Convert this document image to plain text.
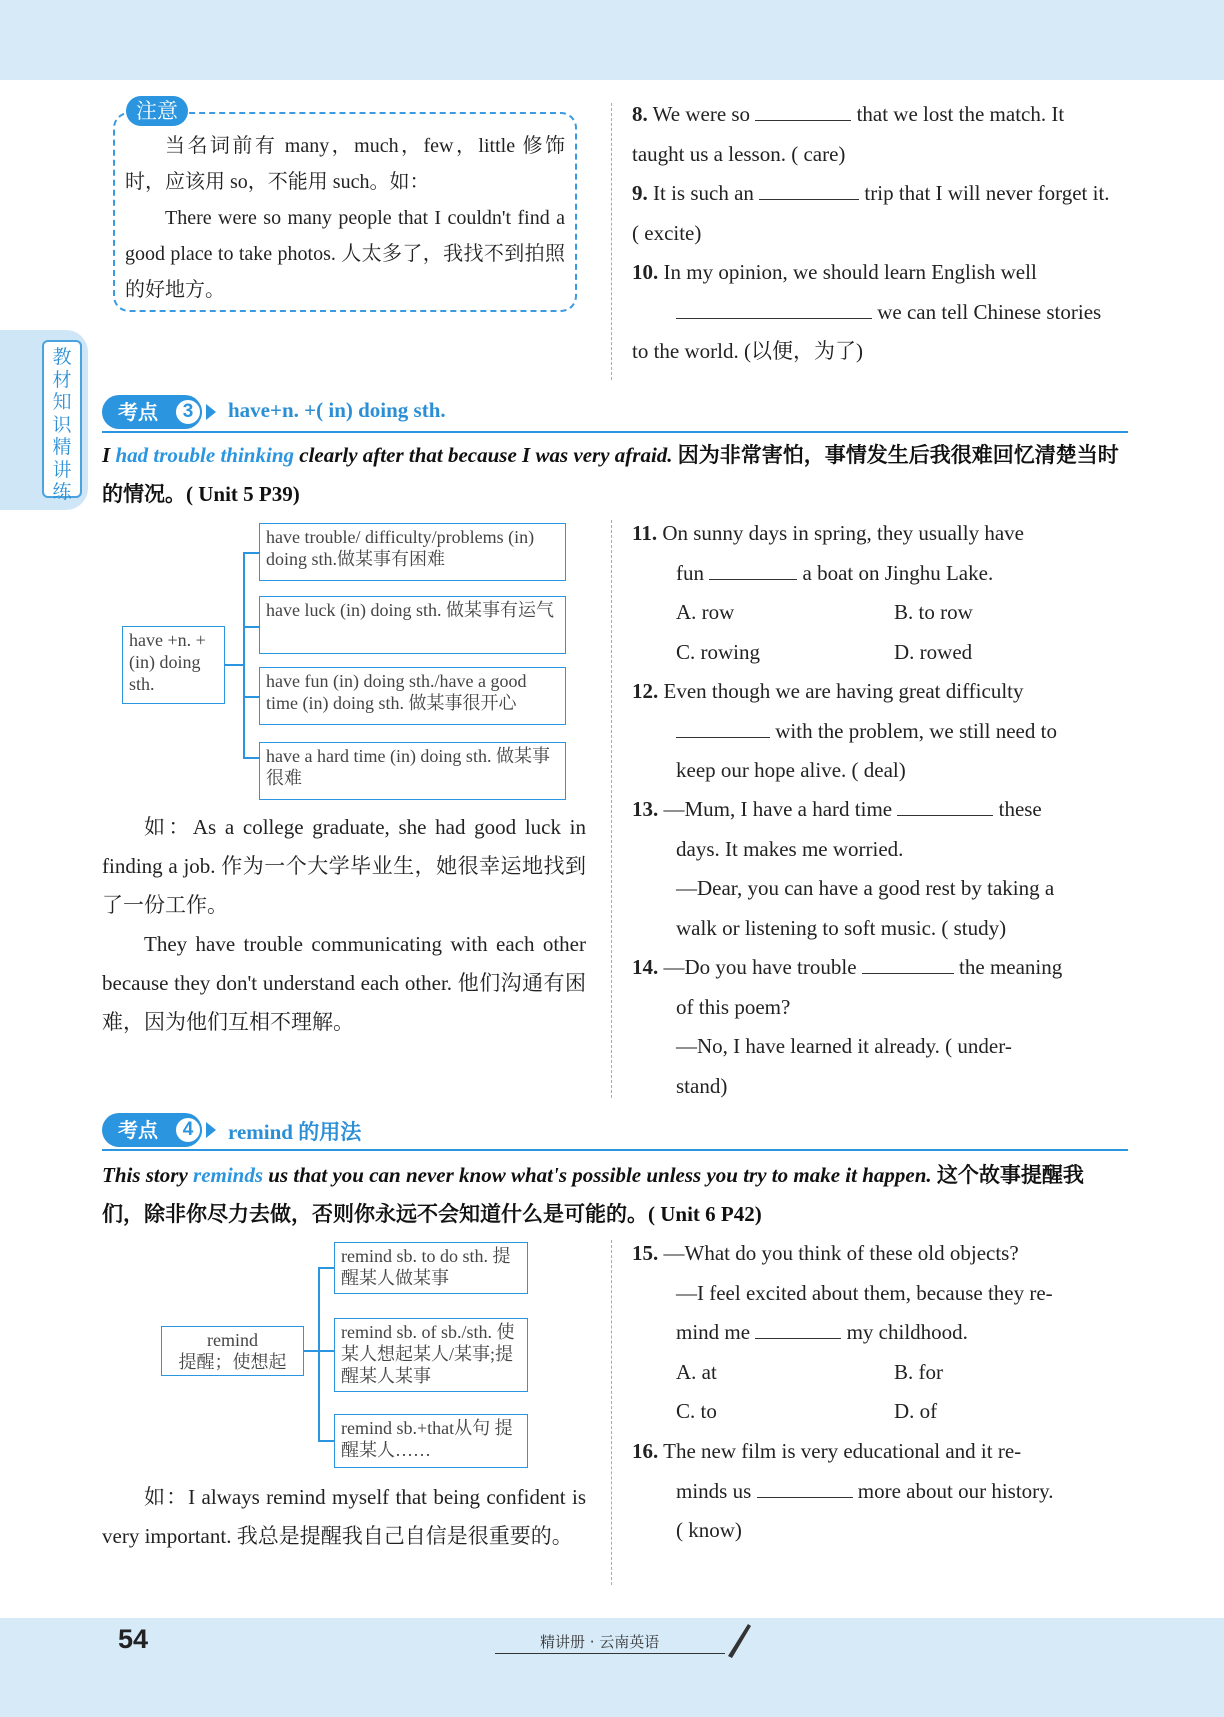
教材知识精讲练
注意

当名词前有 many，much，few，little 修饰时，应该用 so，不能用 such。如：

There were so many people that I couldn't find a good place to take photos. 人太多了，我找不到拍照的好地方。

8. We were so	that we lost the match. It taught us a lesson. ( care)
9. It is such an	trip that I will never forget it. ( excite)
10. In my opinion, we should learn English well  we can tell Chinese stories to the world. (以便，为了)
考点	3	have+n. +( in) doing sth.
I had trouble thinking clearly after that because I was very afraid. 因为非常害怕，事情发生后我很难回忆清楚当时的情况。( Unit 5 P39)
have +n. + (in) doing sth.
have trouble/ difficulty/problems (in) doing sth.做某事有困难
have luck (in) doing sth. 做某事有运气
have fun (in) doing sth./have a good time (in) doing sth. 做某事很开心
have a hard time (in) doing sth. 做某事很难

如：As a college graduate, she had good luck in finding a job. 作为一个大学毕业生，她很幸运地找到了一份工作。

They have trouble communicating with each other because they don't understand each other. 他们沟通有困难，因为他们互相不理解。

11. On sunny days in spring, they usually have
fun	a boat on Jinghu Lake.
A. row	B. to row
C. rowing	D. rowed
12. Even though we are having great difficulty
with the problem, we still need to
keep our hope alive. ( deal)
13. —Mum, I have a hard time	these
days. It makes me worried.
—Dear, you can have a good rest by taking a
walk or listening to soft music. ( study)
14. —Do you have trouble	the meaning
of this poem?
—No, I have learned it already. ( under-
stand)
考点	4	remind 的用法
This story reminds us that you can never know what's possible unless you try to make it happen. 这个故事提醒我们，除非你尽力去做，否则你永远不会知道什么是可能的。( Unit 6 P42)
remind
提醒；使想起
remind sb. to do sth. 提醒某人做某事
remind sb. of sb./sth. 使某人想起某人/某事;提醒某人某事
remind sb.+that从句 提醒某人……

如：I always remind myself that being confident is very important. 我总是提醒我自己自信是很重要的。

15. —What do you think of these old objects?
—I feel excited about them, because they re-
mind me	my childhood.
A. at	B. for
C. to	D. of
16. The new film is very educational and it re-
minds us	more about our history.
( know)
54	精讲册 · 云南英语
